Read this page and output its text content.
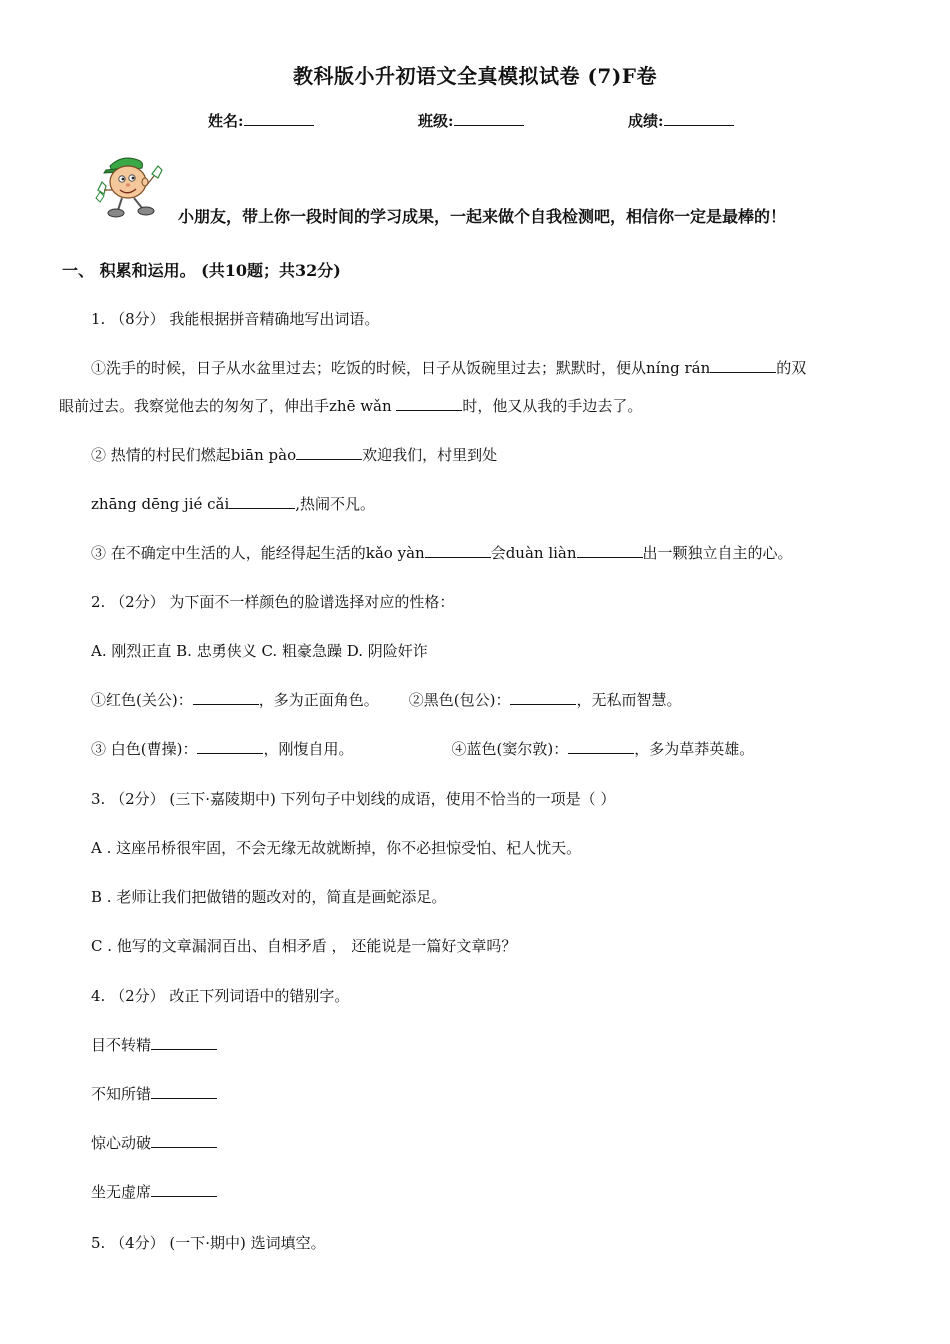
教科版小升初语文全真模拟试卷 (7)F卷
姓名:	班级:	成绩:
小朋友，带上你一段时间的学习成果，一起来做个自我检测吧，相信你一定是最棒的！
一、 积累和运用。 (共10题；共32分)
1. （8分） 我能根据拼音精确地写出词语。
①洗手的时候，日子从水盆里过去；吃饭的时候，日子从饭碗里过去；默默时，便从níng rán	的双
眼前过去。我察觉他去的匆匆了，伸出手zhē wǎn	时，他又从我的手边去了。
② 热情的村民们燃起biān pào	欢迎我们，村里到处
zhāng dēng jié cǎi	,热闹不凡。
③ 在不确定中生活的人，能经得起生活的kǎo yàn	会duàn liàn	出一颗独立自主的心。
2. （2分） 为下面不一样颜色的脸谱选择对应的性格：
A. 刚烈正直 B. 忠勇侠义 C. 粗豪急躁 D. 阴险奸诈
①红色(关公)：	，多为正面角色。 ②黑色(包公)：	，无私而智慧。
③ 白色(曹操)：	，刚愎自用。	④蓝色(窦尔敦)：	，多为草莽英雄。
3. （2分） (三下·嘉陵期中) 下列句子中划线的成语，使用不恰当的一项是（ ）
A . 这座吊桥很牢固，不会无缘无故就断掉，你不必担惊受怕、杞人忧天。
B . 老师让我们把做错的题改对的，简直是画蛇添足。
C . 他写的文章漏洞百出、自相矛盾 ， 还能说是一篇好文章吗？
4. （2分） 改正下列词语中的错别字。
目不转精
不知所错
惊心动破
坐无虚席
5. （4分） (一下·期中) 选词填空。
